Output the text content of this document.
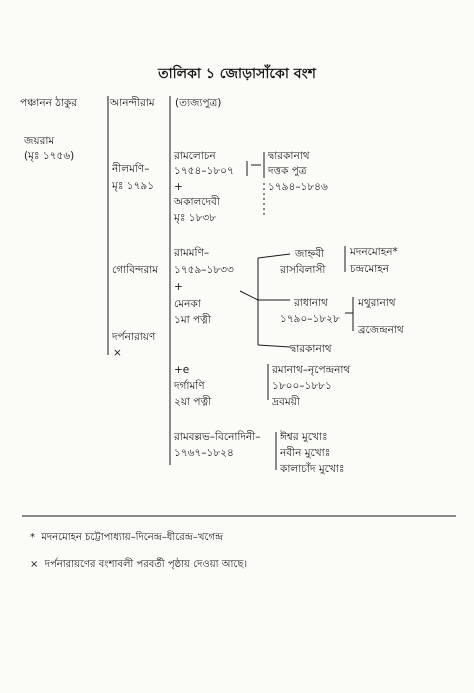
তালিকা ১ জোড়াসাঁকো বংশ
পঞ্চানন ঠাকুর	আনন্দীরাম (ত্যজ্যপুত্র)
জয়রাম
(মৃঃ ১৭৫৬)
নীলমণি–
মৃঃ ১৭৯১
রামলোচন
১৭৫৪–১৮০৭
+
অকালদেবী
মৃঃ ১৮৩৮
দ্বারকানাথ
দত্তক পুত্র
১৭৯৪–১৮৪৬
গোবিন্দরাম
দর্পনারায়ণ
×
রামমণি–
১৭৫৯–১৮৩৩
+
মেনকা
১মা পত্নী
জাহ্নবী
রাসবিলাসী
মদনমোহন*
চন্দ্রমোহন
রাধানাথ
১৭৯০–১৮২৮
মথুরানাথ
ব্রজেন্দ্রনাথ
দ্বারকানাথ
+e
দর্গামণি
২য়া পত্নী
রমানাথ–নৃপেন্দ্রনাথ
১৮০০–১৮৮১
দ্রবময়ী
রামবল্লভ–বিনোদিনী–
১৭৬৭–১৮২৪
ঈশ্বর মুখোঃ
নবীন মুখোঃ
কালাচাঁদ মুখোঃ
* মদনমোহন চট্টোপাধ্যায়–দিনেন্দ্র–ধীরেন্দ্র–খগেন্দ্র
× দর্পনারায়ণের বংশাবলী পরবর্তী পৃষ্ঠায় দেওয়া আছে।
